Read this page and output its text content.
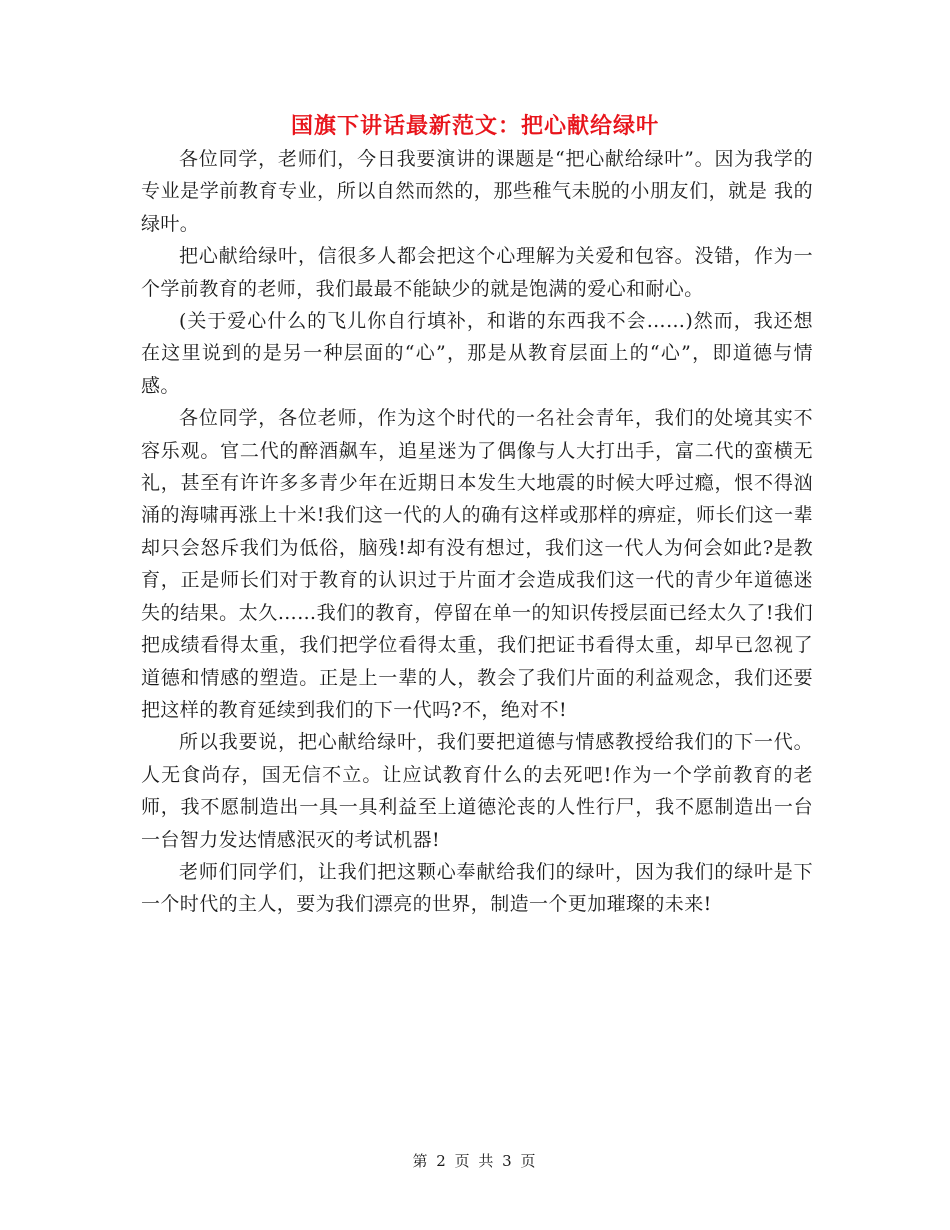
国旗下讲话最新范文：把心献给绿叶

各位同学，老师们，今日我要演讲的课题是“把心献给绿叶”。因为我学的专业是学前教育专业，所以自然而然的，那些稚气未脱的小朋友们，就是 我的绿叶。

把心献给绿叶，信很多人都会把这个心理解为关爱和包容。没错，作为一个学前教育的老师，我们最最不能缺少的就是饱满的爱心和耐心。

(关于爱心什么的飞儿你自行填补，和谐的东西我不会……)然而，我还想在这里说到的是另一种层面的“心”，那是从教育层面上的“心”，即道德与情感。

各位同学，各位老师，作为这个时代的一名社会青年，我们的处境其实不容乐观。官二代的醉酒飙车，追星迷为了偶像与人大打出手，富二代的蛮横无礼，甚至有许许多多青少年在近期日本发生大地震的时候大呼过瘾，恨不得汹涌的海啸再涨上十米!我们这一代的人的确有这样或那样的痹症，师长们这一辈却只会怒斥我们为低俗，脑残!却有没有想过，我们这一代人为何会如此?是教育，正是师长们对于教育的认识过于片面才会造成我们这一代的青少年道德迷失的结果。太久……我们的教育，停留在单一的知识传授层面已经太久了!我们把成绩看得太重，我们把学位看得太重，我们把证书看得太重，却早已忽视了道德和情感的塑造。正是上一辈的人，教会了我们片面的利益观念，我们还要把这样的教育延续到我们的下一代吗?不，绝对不!

所以我要说，把心献给绿叶，我们要把道德与情感教授给我们的下一代。人无食尚存，国无信不立。让应试教育什么的去死吧!作为一个学前教育的老师，我不愿制造出一具一具利益至上道德沦丧的人性行尸，我不愿制造出一台一台智力发达情感泯灭的考试机器!

老师们同学们，让我们把这颗心奉献给我们的绿叶，因为我们的绿叶是下一个时代的主人，要为我们漂亮的世界，制造一个更加璀璨的未来!

第 2 页 共 3 页
